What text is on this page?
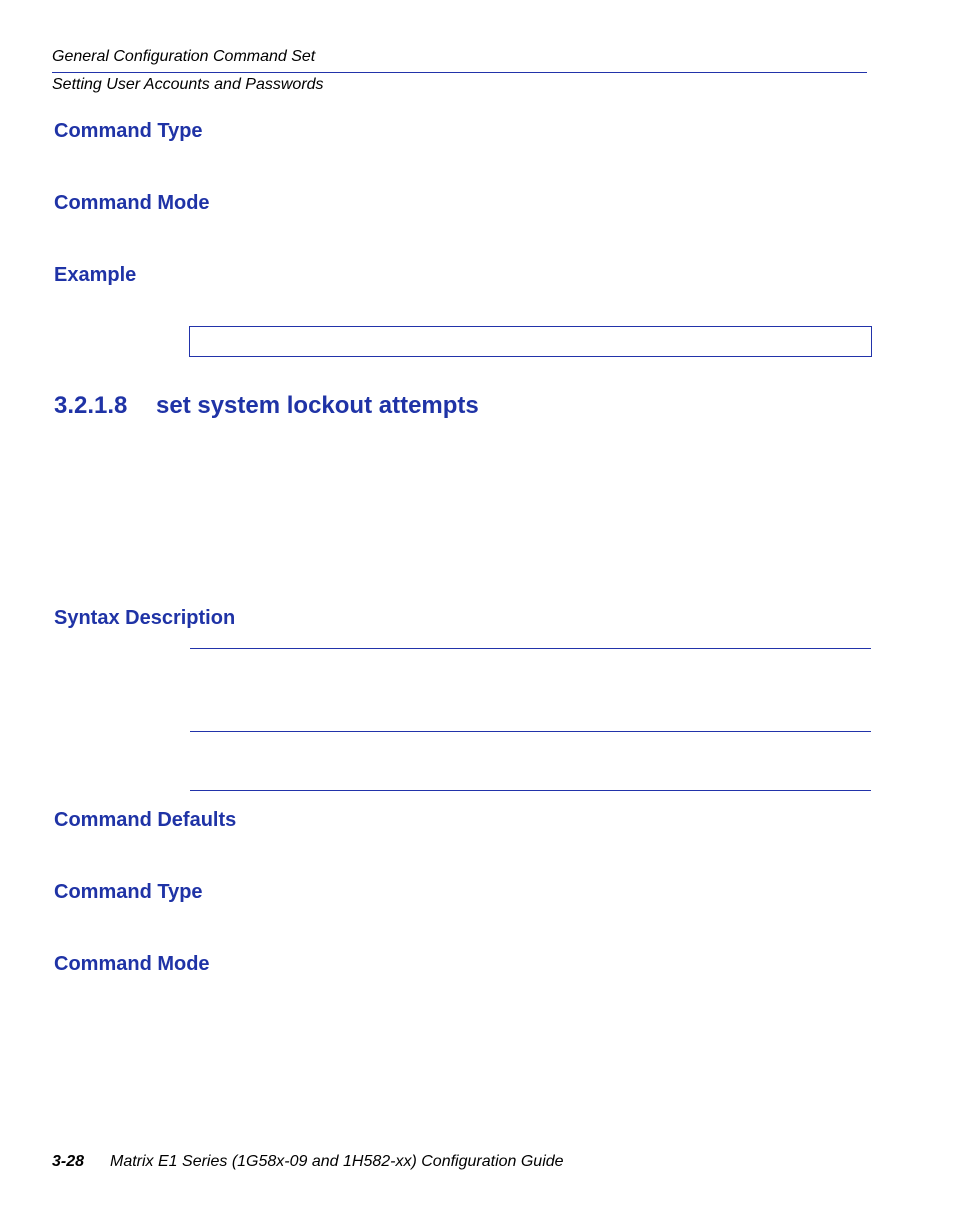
General Configuration Command Set
Setting User Accounts and Passwords
Command Type
Command Mode
Example
3.2.1.8 set system lockout attempts
Syntax Description
Command Defaults
Command Type
Command Mode
3-28 Matrix E1 Series (1G58x-09 and 1H582-xx) Configuration Guide
